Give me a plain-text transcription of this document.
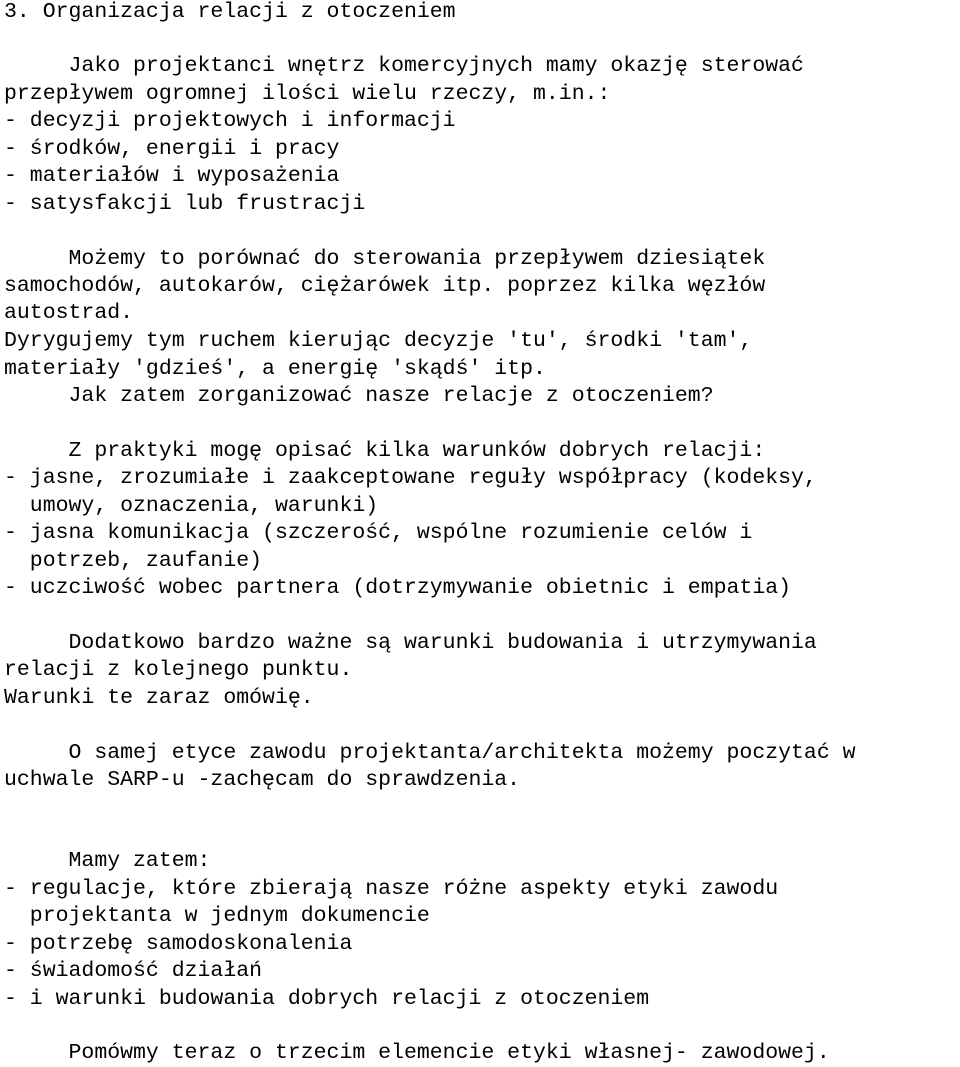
3. Organizacja relacji z otoczeniem
Jako projektanci wnętrz komercyjnych mamy okazję sterować
przepływem ogromnej ilości wielu rzeczy, m.in.:
- decyzji projektowych i informacji
- środków, energii i pracy
- materiałów i wyposażenia
- satysfakcji lub frustracji
Możemy to porównać do sterowania przepływem dziesiątek
samochodów, autokarów, ciężarówek itp. poprzez kilka węzłów
autostrad.
Dyrygujemy tym ruchem kierując decyzje 'tu', środki 'tam',
materiały 'gdzieś', a energię 'skądś' itp.
Jak zatem zorganizować nasze relacje z otoczeniem?
Z praktyki mogę opisać kilka warunków dobrych relacji:
- jasne, zrozumiałe i zaakceptowane reguły współpracy (kodeksy,
umowy, oznaczenia, warunki)
- jasna komunikacja (szczerość, wspólne rozumienie celów i
potrzeb, zaufanie)
- uczciwość wobec partnera (dotrzymywanie obietnic i empatia)
Dodatkowo bardzo ważne są warunki budowania i utrzymywania
relacji z kolejnego punktu.
Warunki te zaraz omówię.
O samej etyce zawodu projektanta/architekta możemy poczytać w
uchwale SARP-u -zachęcam do sprawdzenia.
Mamy zatem:
- regulacje, które zbierają nasze różne aspekty etyki zawodu
projektanta w jednym dokumencie
- potrzebę samodoskonalenia
- świadomość działań
- i warunki budowania dobrych relacji z otoczeniem
Pomówmy teraz o trzecim elemencie etyki własnej- zawodowej.
